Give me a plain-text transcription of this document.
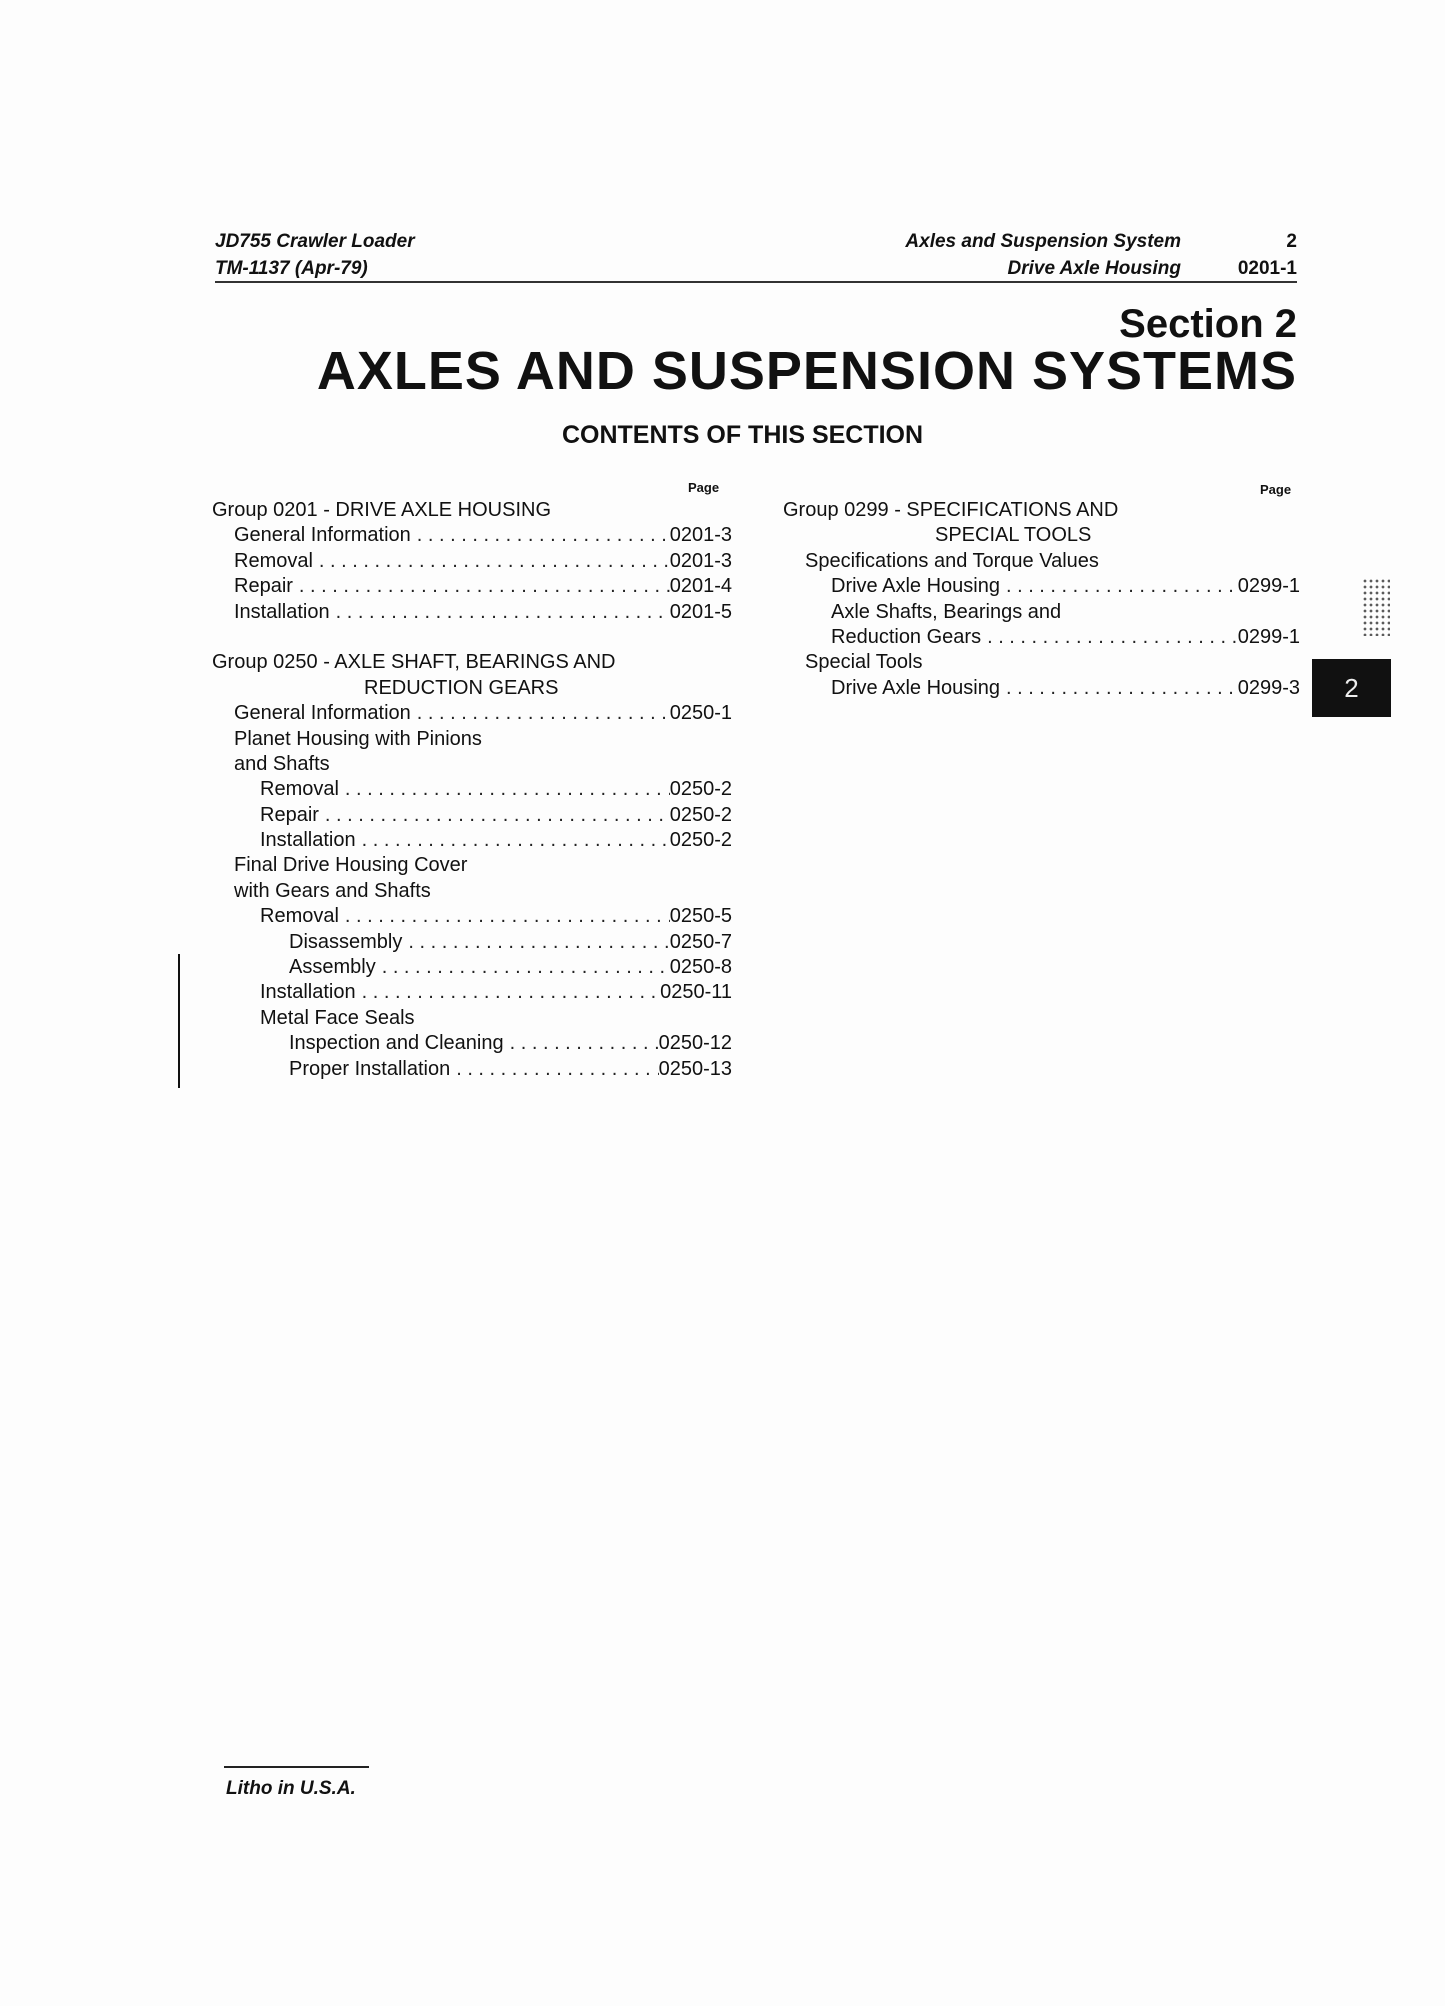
JD755 Crawler Loader
TM-1137 (Apr-79)
Axles and Suspension System
Drive Axle Housing
2
0201-1
Section 2
AXLES AND SUSPENSION SYSTEMS
CONTENTS OF THIS SECTION
Page	Page
Group 0201 - DRIVE AXLE HOUSING
General Information . . .	0201-3
Removal . . .	0201-3
Repair . . .	0201-4
Installation . . .	0201-5
Group 0250 - AXLE SHAFT, BEARINGS AND
REDUCTION GEARS
General Information . . .	0250-1
Planet Housing with Pinions
and Shafts
Removal . . .	0250-2
Repair . . .	0250-2
Installation . . .	0250-2
Final Drive Housing Cover
with Gears and Shafts
Removal . . .	0250-5
Disassembly . . .	0250-7
Assembly . . .	0250-8
Installation . . .	0250-11
Metal Face Seals
Inspection and Cleaning . . .	0250-12
Proper Installation . . .	0250-13
Group 0299 - SPECIFICATIONS AND
SPECIAL TOOLS
Specifications and Torque Values
Drive Axle Housing . . .	0299-1
Axle Shafts, Bearings and
Reduction Gears . . .	0299-1
Special Tools
Drive Axle Housing . . .	0299-3	2
Litho in U.S.A.
